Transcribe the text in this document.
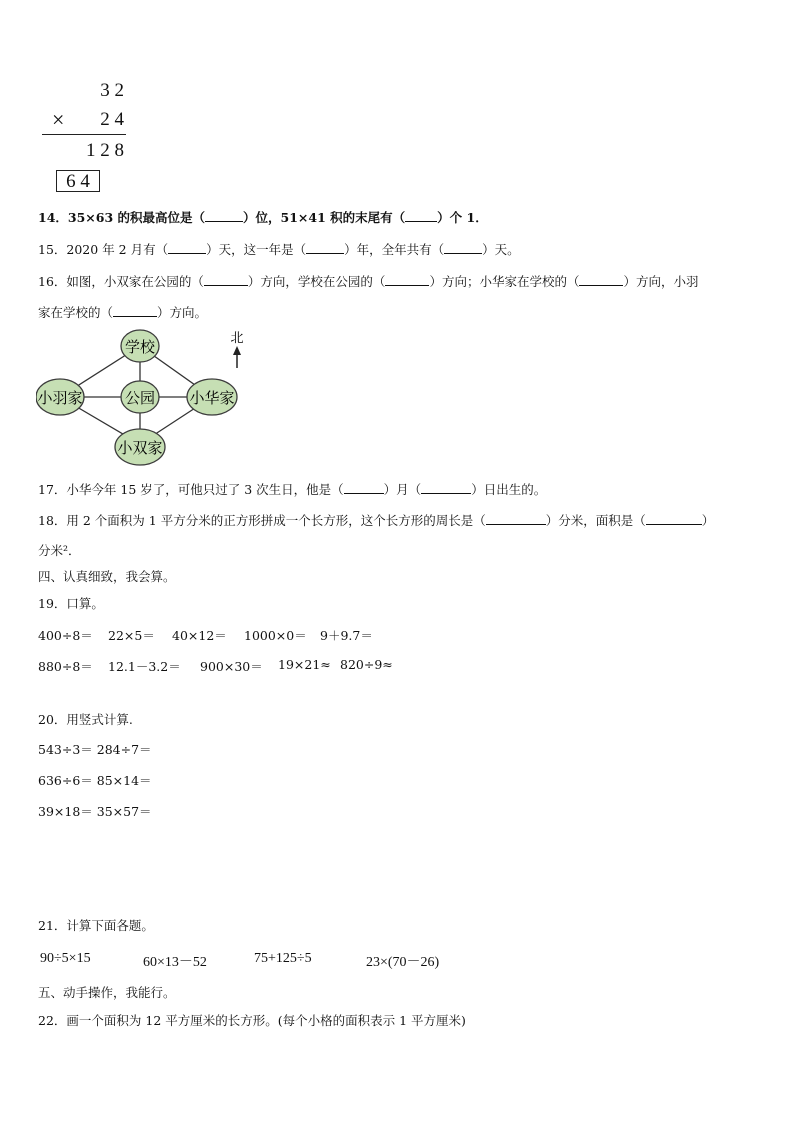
3 2
×	2 4
1 2 8
6 4
14．35×63 的积最高位是（	）位，51×41 积的末尾有（	）个 1．
15．2020 年 2 月有（	）天，这一年是（	）年，全年共有（	）天。
16．如图，小双家在公园的（	）方向，学校在公园的（	）方向；小华家在学校的（	）方向，小羽
家在学校的（	）方向。
学校
公园
小羽家	小华家
小双家
北
17．小华今年 15 岁了，可他只过了 3 次生日，他是（	）月（	）日出生的。
18．用 2 个面积为 1 平方分米的正方形拼成一个长方形，这个长方形的周长是（	）分米，面积是（	）
分米²．
四、认真细致，我会算。
19．口算。
400÷8＝ 22×5＝ 40×12＝ 1000×0＝ 9＋9.7＝
880÷8＝ 12.1－3.2＝ 900×30＝ 19×21≈ 820÷9≈
20．用竖式计算.
543÷3＝ 284÷7＝
636÷6＝ 85×14＝
39×18＝ 35×57＝
21．计算下面各题。
90÷5×15	60×13－52	75+125÷5	23×(70－26)
五、动手操作，我能行。
22．画一个面积为 12 平方厘米的长方形。(每个小格的面积表示 1 平方厘米)
